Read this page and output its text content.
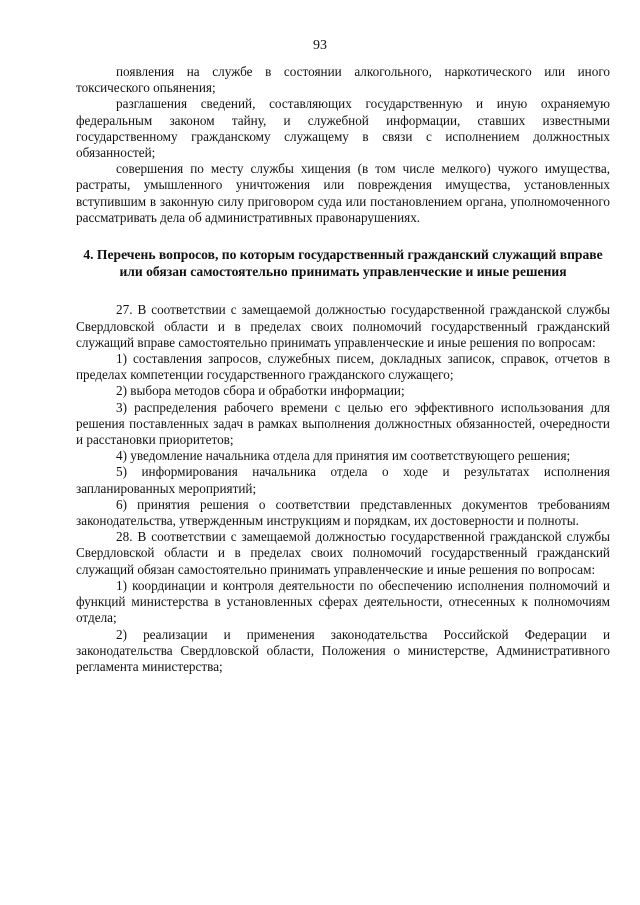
93

появления на службе в состоянии алкогольного, наркотического или иного токсического опьянения;

разглашения сведений, составляющих государственную и иную охраняемую федеральным законом тайну, и служебной информации, ставших известными государственному гражданскому служащему в связи с исполнением должностных обязанностей;

совершения по месту службы хищения (в том числе мелкого) чужого имущества, растраты, умышленного уничтожения или повреждения имущества, установленных вступившим в законную силу приговором суда или постановлением органа, уполномоченного рассматривать дела об административных правонарушениях.

4. Перечень вопросов, по которым государственный гражданский служащий вправе или обязан самостоятельно принимать управленческие и иные решения

27. В соответствии с замещаемой должностью государственной гражданской службы Свердловской области и в пределах своих полномочий государственный гражданский служащий вправе самостоятельно принимать управленческие и иные решения по вопросам:

1) составления запросов, служебных писем, докладных записок, справок, отчетов в пределах компетенции государственного гражданского служащего;

2) выбора методов сбора и обработки информации;

3) распределения рабочего времени с целью его эффективного использования для решения поставленных задач в рамках выполнения должностных обязанностей, очередности и расстановки приоритетов;

4) уведомление начальника отдела для принятия им соответствующего решения;

5) информирования начальника отдела о ходе и результатах исполнения запланированных мероприятий;

6) принятия решения о соответствии представленных документов требованиям законодательства, утвержденным инструкциям и порядкам, их достоверности и полноты.

28. В соответствии с замещаемой должностью государственной гражданской службы Свердловской области и в пределах своих полномочий государственный гражданский служащий обязан самостоятельно принимать управленческие и иные решения по вопросам:

1) координации и контроля деятельности по обеспечению исполнения полномочий и функций министерства в установленных сферах деятельности, отнесенных к полномочиям отдела;

2) реализации и применения законодательства Российской Федерации и законодательства Свердловской области, Положения о министерстве, Административного регламента министерства;
